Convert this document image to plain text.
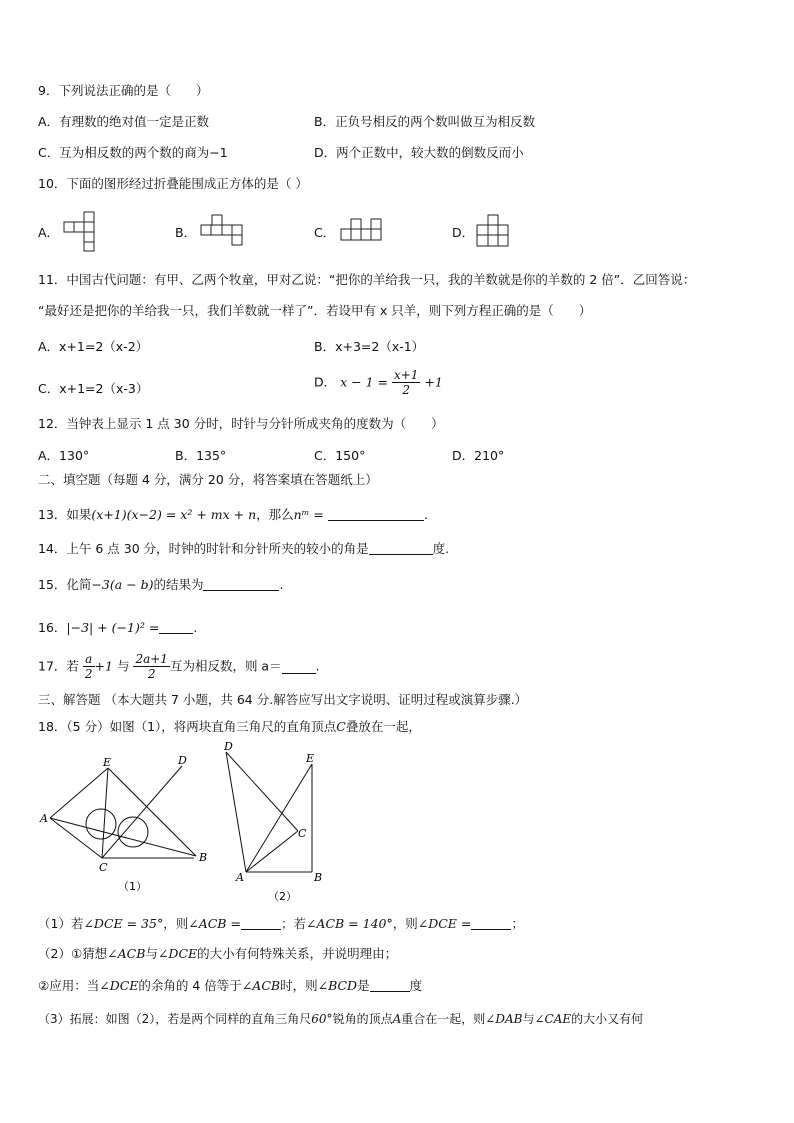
9．下列说法正确的是（　　）
A．有理数的绝对值一定是正数	B．正负号相反的两个数叫做互为相反数
C．互为相反数的两个数的商为−1	D．两个正数中，较大数的倒数反而小
10．下面的图形经过折叠能围成正方体的是（ ）
A．	B．	C．	D．
11．中国古代问题：有甲、乙两个牧童，甲对乙说：“把你的羊给我一只，我的羊数就是你的羊数的 2 倍”．乙回答说：
“最好还是把你的羊给我一只，我们羊数就一样了”．若设甲有 x 只羊，则下列方程正确的是（　　）
A．x+1=2（x-2）	B．x+3=2（x-1）
C．x+1=2（x-3）	D． $x - 1 = \frac{x+1}{2} +1$
12．当钟表上显示 1 点 30 分时，时针与分针所成夹角的度数为（　　）
A．130°	B．135°	C．150°	D．210°
二、填空题（每题 4 分，满分 20 分，将答案填在答题纸上）
13．如果(x+1)(x−2) = x² + mx + n，那么nᵐ =	.
14．上午 6 点 30 分，时钟的时针和分针所夹的较小的角是	度.
15．化简−3(a − b)的结果为	.
16．|−3| + (−1)² =	.
17．若 $\frac{a}{2} +1$ 与 $\frac{2a+1}{2}$ 互为相反数，则 a＝	.
三、解答题 （本大题共 7 小题，共 64 分.解答应写出文字说明、证明过程或演算步骤.）
18．（5 分）如图（1），将两块直角三角尺的直角顶点C叠放在一起，
A
B
C
D
E
（1）
D
E
C
A	B
（2）
（1）若∠DCE = 35°，则∠ACB =	；若∠ACB = 140°，则∠DCE =	；
（2）①猜想∠ACB与∠DCE的大小有何特殊关系，并说明理由；
②应用：当∠DCE的余角的 4 倍等于∠ACB时，则∠BCD是	度
（3）拓展：如图（2），若是两个同样的直角三角尺60°锐角的顶点A重合在一起，则∠DAB与∠CAE的大小又有何
